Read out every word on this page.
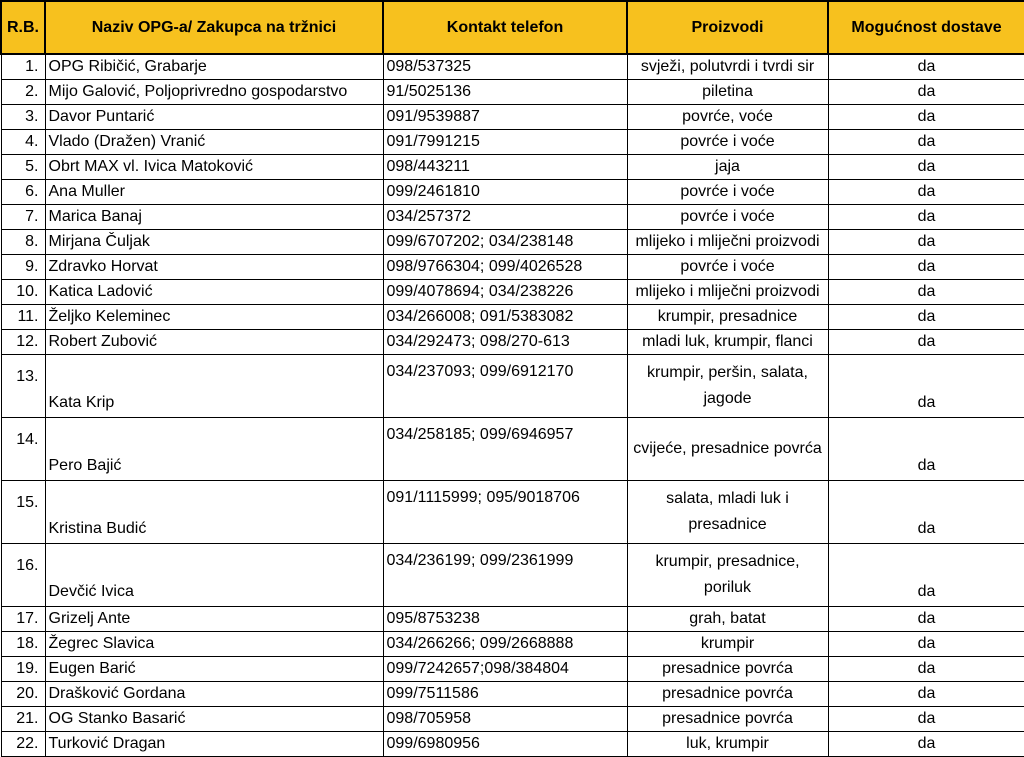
R.B.	Naziv OPG-a/ Zakupca na tržnici	Kontakt telefon	Proizvodi	Mogućnost dostave
1.	OPG Ribičić, Grabarje	098/537325	svježi, polutvrdi i tvrdi sir	da
2.	Mijo Galović, Poljoprivredno gospodarstvo	91/5025136	piletina	da
3.	Davor Puntarić	091/9539887	povrće, voće	da
4.	Vlado (Dražen) Vranić	091/7991215	povrće i voće	da
5.	Obrt MAX vl. Ivica Matoković	098/443211	jaja	da
6.	Ana Muller	099/2461810	povrće i voće	da
7.	Marica Banaj	034/257372	povrće i voće	da
8.	Mirjana Čuljak	099/6707202; 034/238148	mlijeko i mliječni proizvodi	da
9.	Zdravko Horvat	098/9766304; 099/4026528	povrće i voće	da
10.	Katica Ladović	099/4078694; 034/238226	mlijeko i mliječni proizvodi	da
11.	Željko Keleminec	034/266008; 091/5383082	krumpir, presadnice	da
12.	Robert Zubović	034/292473; 098/270-613	mladi luk, krumpir, flanci	da
13.	Kata Krip	034/237093; 099/6912170	krumpir, peršin, salata, jagode	da
14.	Pero Bajić	034/258185; 099/6946957	cvijeće, presadnice povrća	da
15.	Kristina Budić	091/1115999; 095/9018706	salata, mladi luk i presadnice	da
16.	Devčić Ivica	034/236199; 099/2361999	krumpir, presadnice, poriluk	da
17.	Grizelj Ante	095/8753238	grah, batat	da
18.	Žegrec Slavica	034/266266; 099/2668888	krumpir	da
19.	Eugen Barić	099/7242657;098/384804	presadnice povrća	da
20.	Drašković Gordana	099/7511586	presadnice povrća	da
21.	OG Stanko Basarić	098/705958	presadnice povrća	da
22.	Turković Dragan	099/6980956	luk, krumpir	da
